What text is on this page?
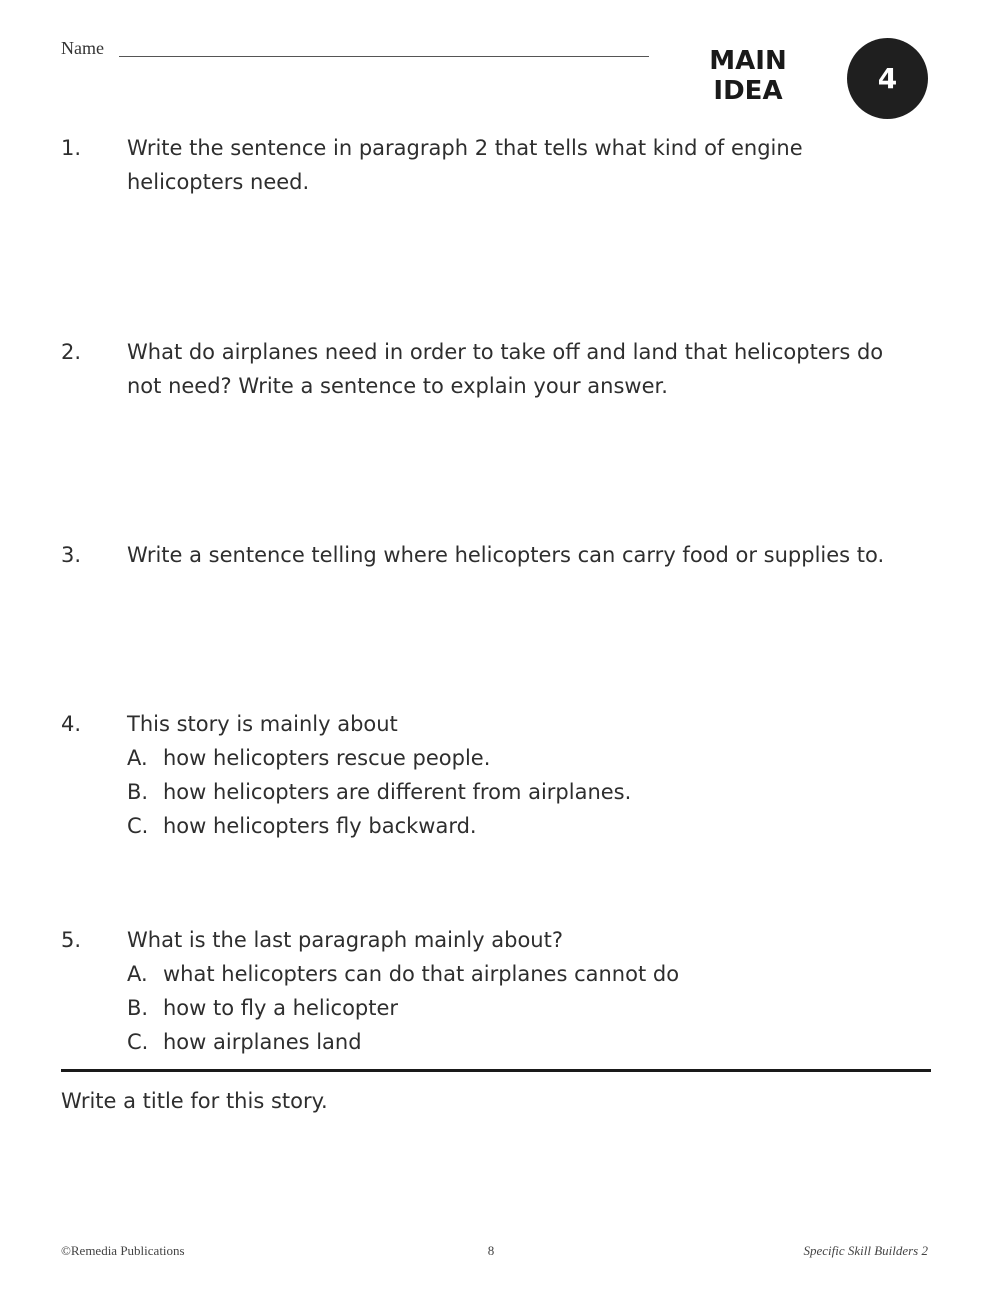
Name	MAIN
IDEA	4
1. Write the sentence in paragraph 2 that tells what kind of engine helicopters need.
2. What do airplanes need in order to take off and land that helicopters do not need? Write a sentence to explain your answer.
3. Write a sentence telling where helicopters can carry food or supplies to.
4. This story is mainly about
A. how helicopters rescue people.
B. how helicopters are different from airplanes.
C. how helicopters fly backward.
5. What is the last paragraph mainly about?
A. what helicopters can do that airplanes cannot do
B. how to fly a helicopter
C. how airplanes land
Write a title for this story.
©Remedia Publications	8	Specific Skill Builders 2
